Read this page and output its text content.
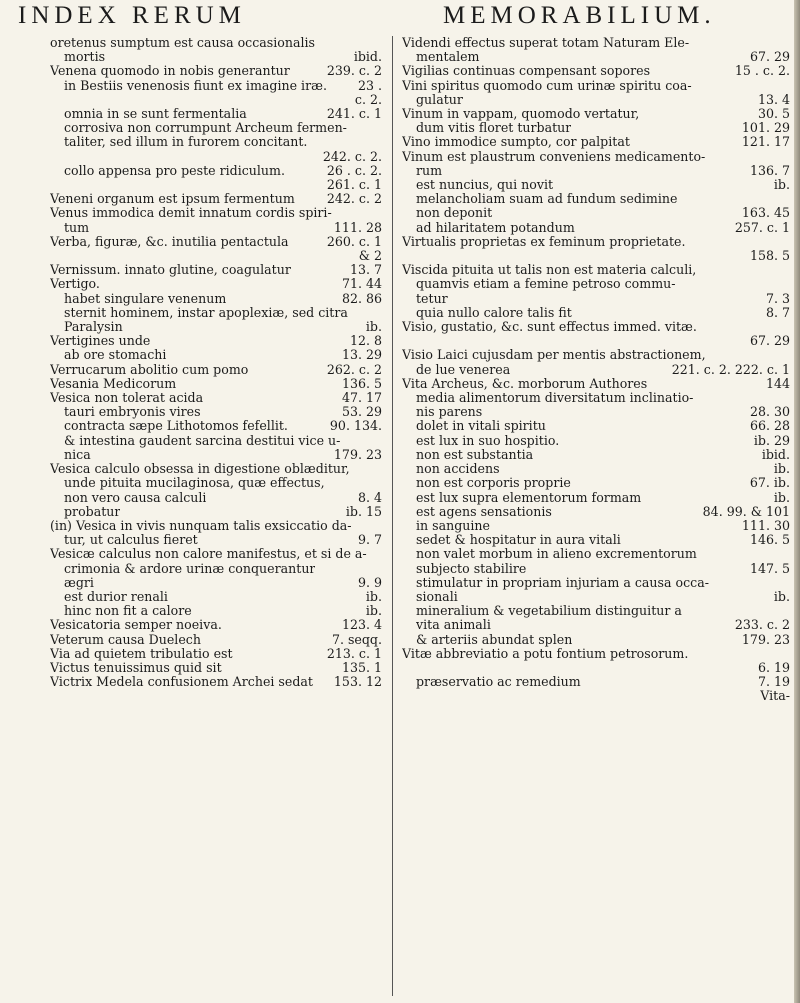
INDEX RERUM	MEMORABILIUM.
oretenus sumptum est causa occasionalis
mortis	ibid.
Venena quomodo in nobis generantur	239. c. 2
in Bestiis venenosis fiunt ex imagine iræ.	23 .
c. 2.
omnia in se sunt fermentalia	241. c. 1
corrosiva non corrumpunt Archeum fermen-
taliter, sed illum in furorem concitant.
242. c. 2.
collo appensa pro peste ridiculum.	26 . c. 2.
261. c. 1
Veneni organum est ipsum fermentum	242. c. 2
Venus immodica demit innatum cordis spiri-
tum	111. 28
Verba, figuræ, &c. inutilia pentactula	260. c. 1
& 2
Vernissum. innato glutine, coagulatur	13. 7
Vertigo.	71. 44
habet singulare venenum	82. 86
sternit hominem, instar apoplexiæ, sed citra
Paralysin	ib.
Vertigines unde	12. 8
ab ore stomachi	13. 29
Verrucarum abolitio cum pomo	262. c. 2
Vesania Medicorum	136. 5
Vesica non tolerat acida	47. 17
tauri embryonis vires	53. 29
contracta sæpe Lithotomos fefellit.	90. 134.
& intestina gaudent sarcina destitui vice u-
nica	179. 23
Vesica calculo obsessa in digestione oblæditur,
unde pituita mucilaginosa, quæ effectus,
non vero causa calculi	8. 4
probatur	ib. 15
(in) Vesica in vivis nunquam talis exsiccatio da-
tur, ut calculus fieret	9. 7
Vesicæ calculus non calore manifestus, et si de a-
crimonia & ardore urinæ conquerantur
ægri	9. 9
est durior renali	ib.
hinc non fit a calore	ib.
Vesicatoria semper noeiva.	123. 4
Veterum causa Duelech	7. seqq.
Via ad quietem tribulatio est	213. c. 1
Victus tenuissimus quid sit	135. 1
Victrix Medela confusionem Archei sedat	153. 12
Videndi effectus superat totam Naturam Ele-
mentalem	67. 29
Vigilias continuas compensant sopores	15 . c. 2.
Vini spiritus quomodo cum urinæ spiritu coa-
gulatur	13. 4
Vinum in vappam, quomodo vertatur,	30. 5
dum vitis floret turbatur	101. 29
Vino immodice sumpto, cor palpitat	121. 17
Vinum est plaustrum conveniens medicamento-
rum	136. 7
est nuncius, qui novit	ib.
melancholiam suam ad fundum sedimine
non deponit	163. 45
ad hilaritatem potandum	257. c. 1
Virtualis proprietas ex feminum proprietate.
158. 5
Viscida pituita ut talis non est materia calculi,
quamvis etiam a femine petroso commu-
tetur	7. 3
quia nullo calore talis fit	8. 7
Visio, gustatio, &c. sunt effectus immed. vitæ.
67. 29
Visio Laici cujusdam per mentis abstractionem,
de lue venerea	221. c. 2. 222. c. 1
Vita Archeus, &c. morborum Authores	144
media alimentorum diversitatum inclinatio-
nis parens	28. 30
dolet in vitali spiritu	66. 28
est lux in suo hospitio.	ib. 29
non est substantia	ibid.
non accidens	ib.
non est corporis proprie	67. ib.
est lux supra elementorum formam	ib.
est agens sensationis	84. 99. & 101
in sanguine	111. 30
sedet & hospitatur in aura vitali	146. 5
non valet morbum in alieno excrementorum
subjecto stabilire	147. 5
stimulatur in propriam injuriam a causa occa-
sionali	ib.
mineralium & vegetabilium distinguitur a
vita animali	233. c. 2
& arteriis abundat splen	179. 23
Vitæ abbreviatio a potu fontium petrosorum.
6. 19
præservatio ac remedium	7. 19
Vita-
